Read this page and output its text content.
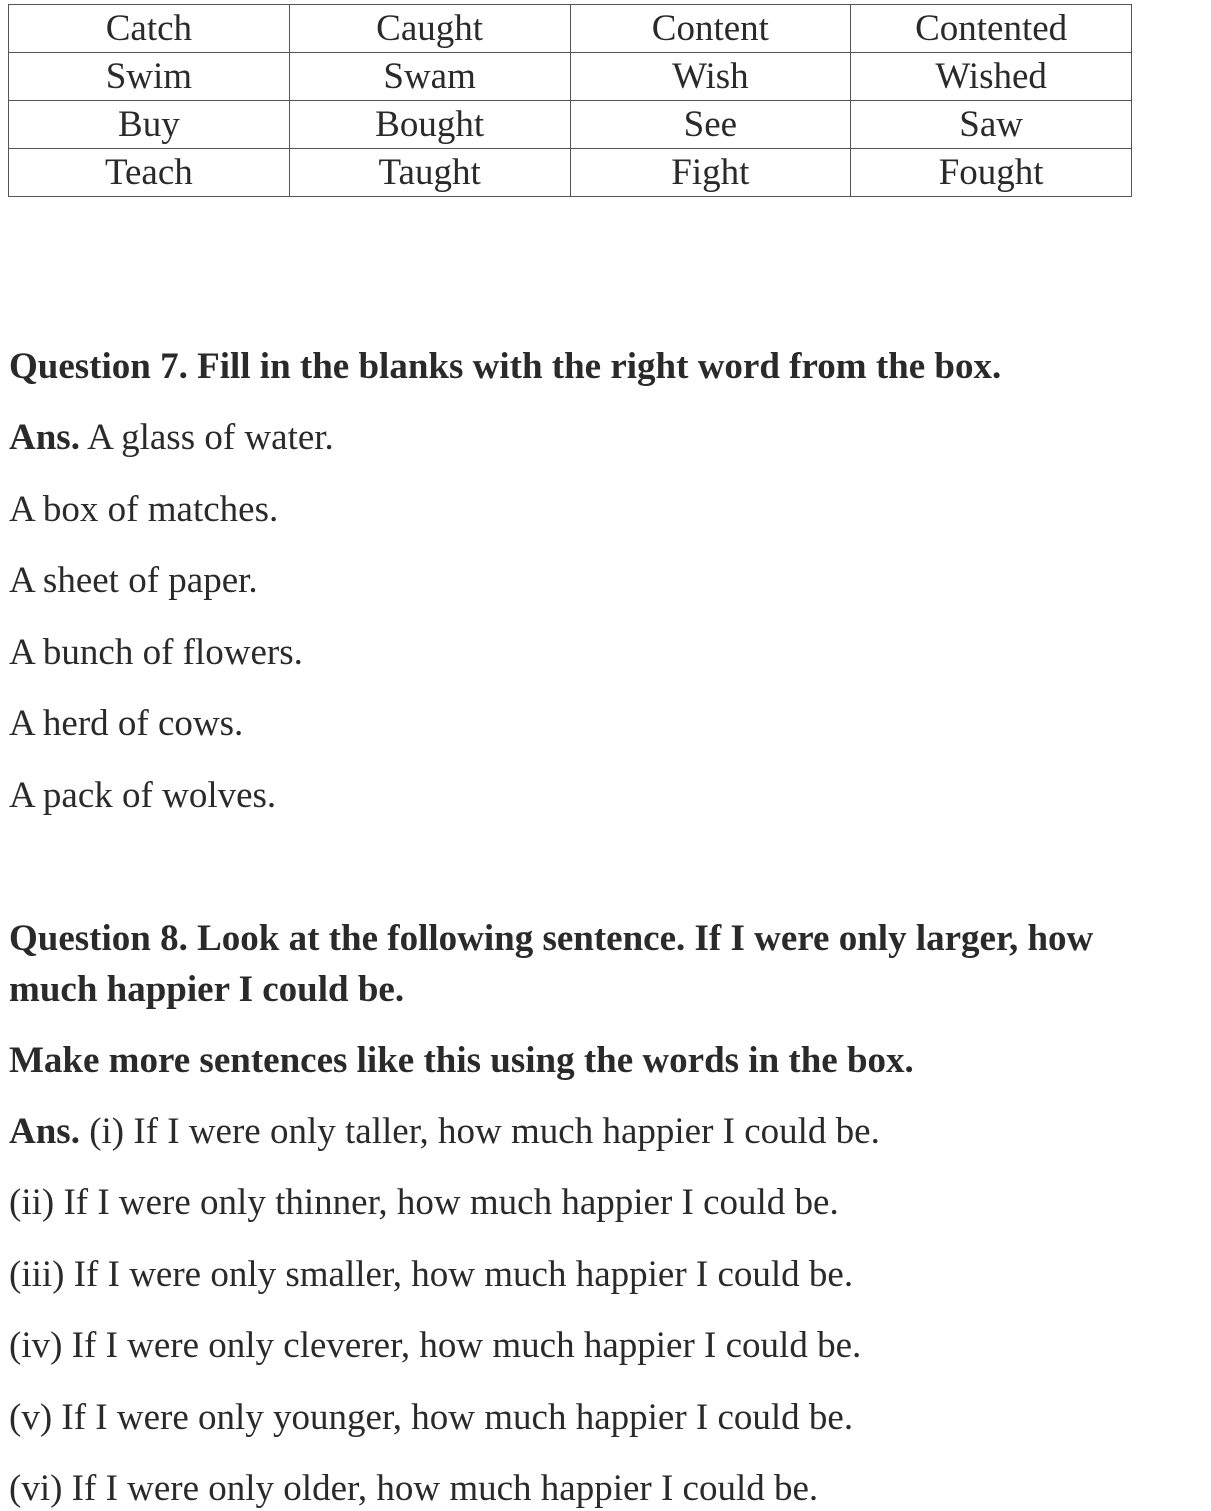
Catch	Caught	Content	Contented
Swim	Swam	Wish	Wished
Buy	Bought	See	Saw
Teach	Taught	Fight	Fought

Question 7. Fill in the blanks with the right word from the box.

Ans. A glass of water.

A box of matches.

A sheet of paper.

A bunch of flowers.

A herd of cows.

A pack of wolves.

Question 8. Look at the following sentence. If I were only larger, how

much happier I could be.

Make more sentences like this using the words in the box.

Ans. (i) If I were only taller, how much happier I could be.

(ii) If I were only thinner, how much happier I could be.

(iii) If I were only smaller, how much happier I could be.

(iv) If I were only cleverer, how much happier I could be.

(v) If I were only younger, how much happier I could be.

(vi) If I were only older, how much happier I could be.
